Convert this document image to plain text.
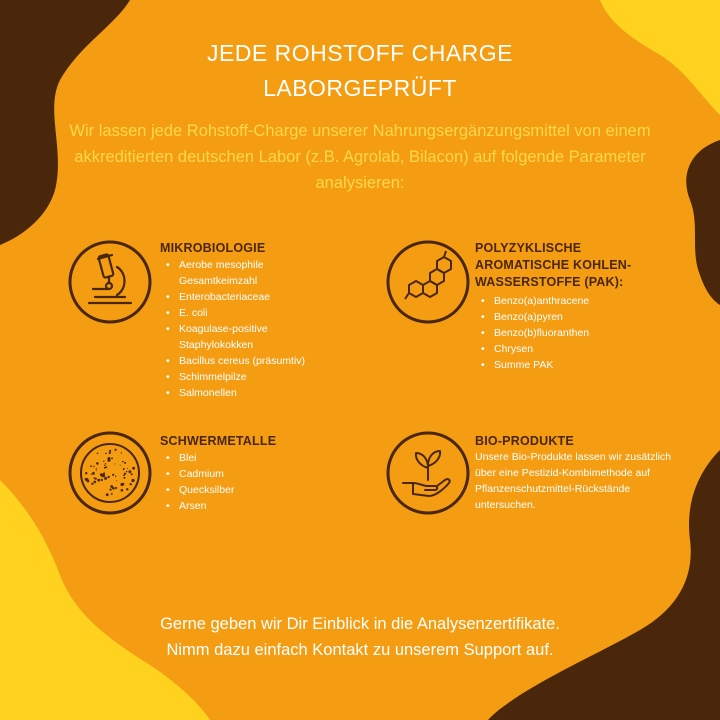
JEDE ROHSTOFF CHARGE
LABORGEPRÜFT
Wir lassen jede Rohstoff-Charge unserer Nahrungsergänzungsmittel von einem akkreditierten deutschen Labor (z.B. Agrolab, Bilacon) auf folgende Parameter analysieren:
MIKROBIOLOGIE
• Aerobe mesophile Gesamtkeimzahl
• Enterobacteriaceae
• E. coli
• Koagulase-positive Staphylokokken
• Bacillus cereus (präsumtiv)
• Schimmelpilze
• Salmonellen
POLYZYKLISCHE AROMATISCHE KOHLEN-WASSERSTOFFE (PAK):
• Benzo(a)anthracene
• Benzo(a)pyren
• Benzo(b)fluoranthen
• Chrysen
• Summe PAK
SCHWERMETALLE
• Blei
• Cadmium
• Quecksilber
• Arsen
BIO-PRODUKTE
Unsere Bio-Produkte lassen wir zusätzlich über eine Pestizid-Kombimethode auf Pflanzenschutzmittel-Rückstände untersuchen.
Gerne geben wir Dir Einblick in die Analysenzertifikate.
Nimm dazu einfach Kontakt zu unserem Support auf.
